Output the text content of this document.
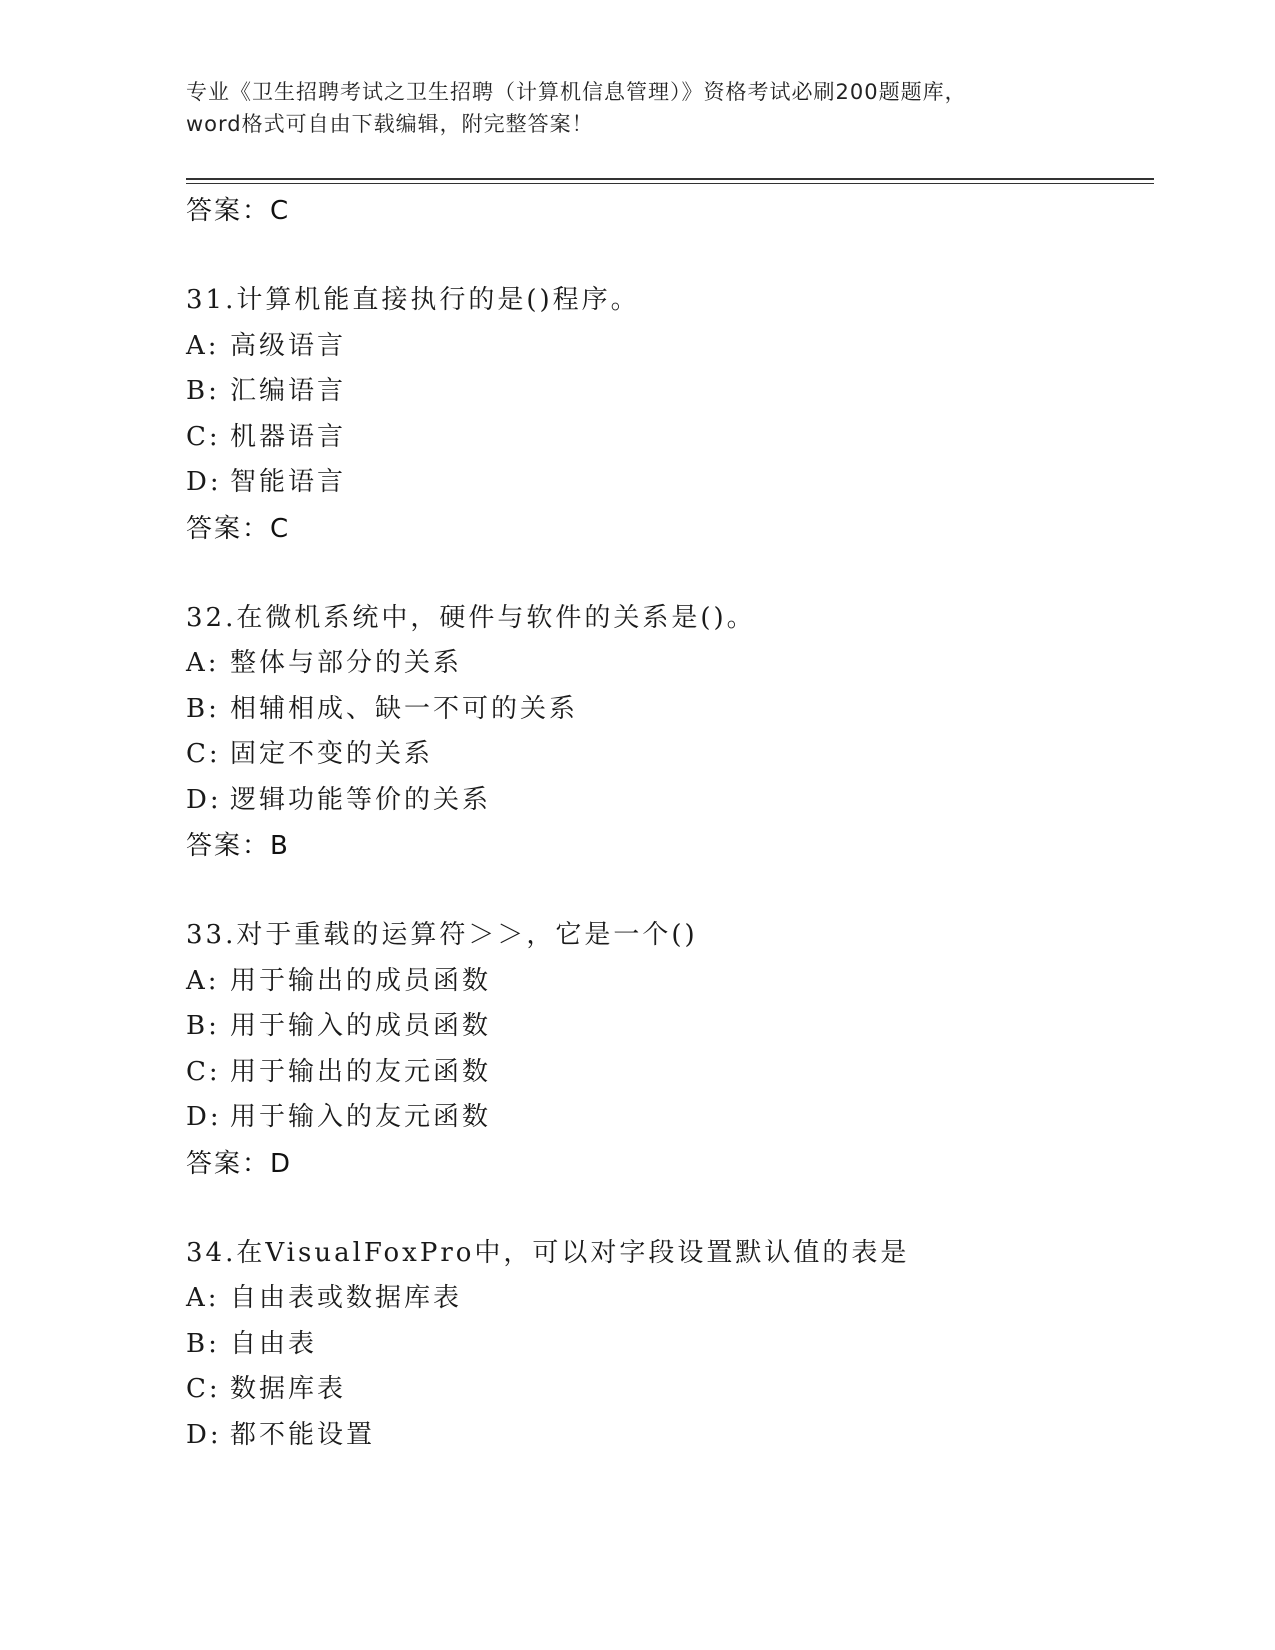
专业《卫生招聘考试之卫生招聘（计算机信息管理）》资格考试必刷200题题库，
word格式可自由下载编辑，附完整答案！
答案：C
31.计算机能直接执行的是()程序。
A: 高级语言
B: 汇编语言
C: 机器语言
D: 智能语言
答案：C
32.在微机系统中，硬件与软件的关系是()。
A: 整体与部分的关系
B: 相辅相成、缺一不可的关系
C: 固定不变的关系
D: 逻辑功能等价的关系
答案：B
33.对于重载的运算符＞＞，它是一个()
A: 用于输出的成员函数
B: 用于输入的成员函数
C: 用于输出的友元函数
D: 用于输入的友元函数
答案：D
34.在VisualFoxPro中，可以对字段设置默认值的表是
A: 自由表或数据库表
B: 自由表
C: 数据库表
D: 都不能设置
